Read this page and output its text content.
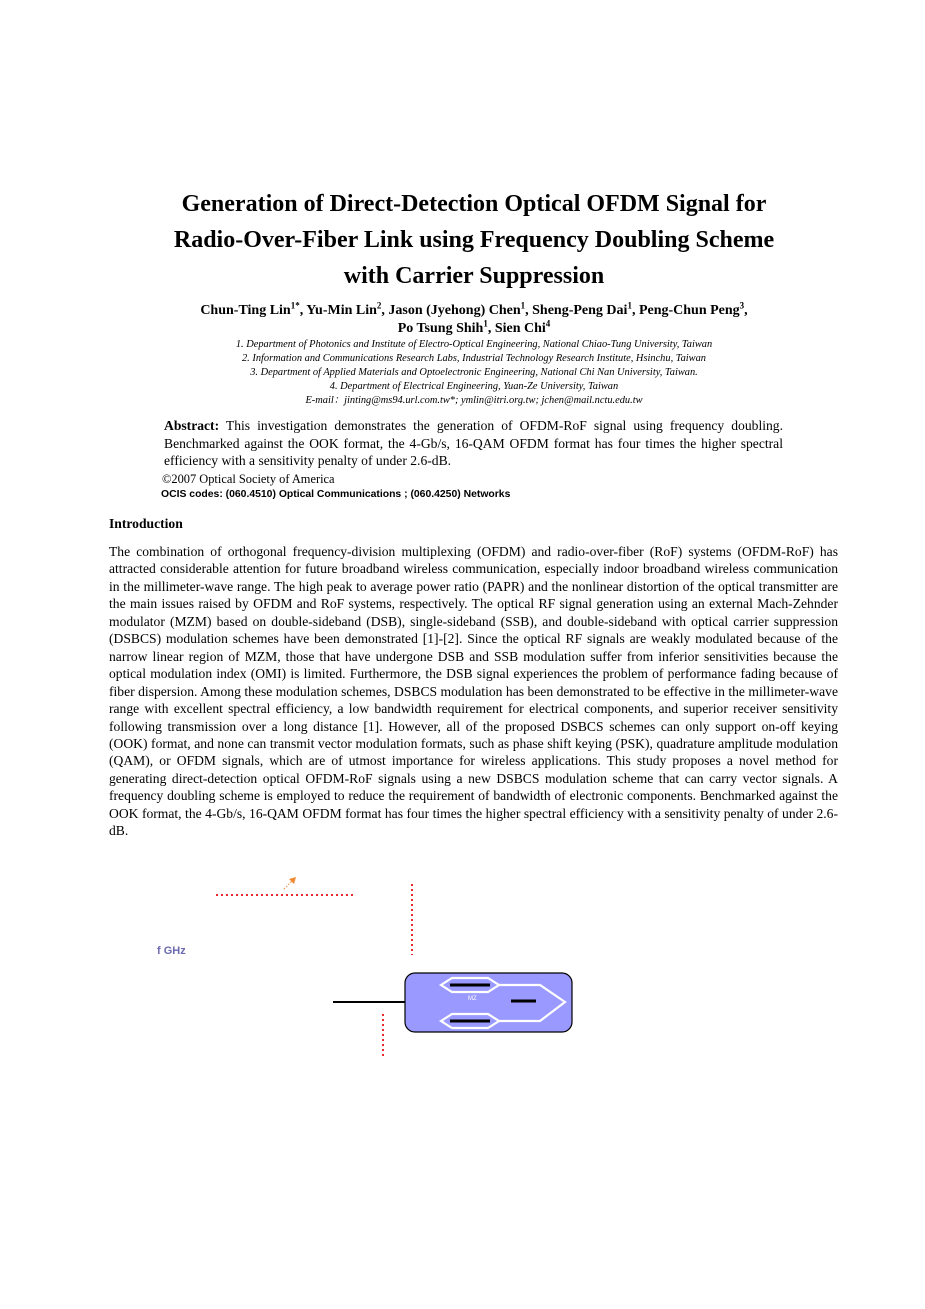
Generation of Direct-Detection Optical OFDM Signal for
Radio-Over-Fiber Link using Frequency Doubling Scheme
with Carrier Suppression
Chun-Ting Lin$^{1*}$, Yu-Min Lin$^2$, Jason (Jyehong) Chen$^1$, Sheng-Peng Dai$^1$, Peng-Chun Peng$^3$,
Po Tsung Shih$^1$, Sien Chi$^4$
1. Department of Photonics and Institute of Electro-Optical Engineering, National Chiao-Tung University, Taiwan
2. Information and Communications Research Labs, Industrial Technology Research Institute, Hsinchu, Taiwan
3. Department of Applied Materials and Optoelectronic Engineering, National Chi Nan University, Taiwan.
4. Department of Electrical Engineering, Yuan-Ze University, Taiwan
E-mail：jinting@ms94.url.com.tw*; ymlin@itri.org.tw; jchen@mail.nctu.edu.tw
Abstract: This investigation demonstrates the generation of OFDM-RoF signal using frequency doubling. Benchmarked against the OOK format, the 4-Gb/s, 16-QAM OFDM format has four times the higher spectral efficiency with a sensitivity penalty of under 2.6-dB.
©2007 Optical Society of America
OCIS codes: (060.4510) Optical Communications ; (060.4250) Networks
Introduction

The combination of orthogonal frequency-division multiplexing (OFDM) and radio-over-fiber (RoF) systems (OFDM-RoF) has attracted considerable attention for future broadband wireless communication, especially indoor broadband wireless communication in the millimeter-wave range. The high peak to average power ratio (PAPR) and the nonlinear distortion of the optical transmitter are the main issues raised by OFDM and RoF systems, respectively. The optical RF signal generation using an external Mach-Zehnder modulator (MZM) based on double-sideband (DSB), single-sideband (SSB), and double-sideband with optical carrier suppression (DSBCS) modulation schemes have been demonstrated [1]-[2]. Since the optical RF signals are weakly modulated because of the narrow linear region of MZM, those that have undergone DSB and SSB modulation suffer from inferior sensitivities because the optical modulation index (OMI) is limited. Furthermore, the DSB signal experiences the problem of performance fading because of fiber dispersion. Among these modulation schemes, DSBCS modulation has been demonstrated to be effective in the millimeter-wave range with excellent spectral efficiency, a low bandwidth requirement for electrical components, and superior receiver sensitivity following transmission over a long distance [1]. However, all of the proposed DSBCS schemes can only support on-off keying (OOK) format, and none can transmit vector modulation formats, such as phase shift keying (PSK), quadrature amplitude modulation (QAM), or OFDM signals, which are of utmost importance for wireless applications. This study proposes a novel method for generating direct-detection optical OFDM-RoF signals using a new DSBCS modulation scheme that can carry vector signals. A frequency doubling scheme is employed to reduce the requirement of bandwidth of electronic components. Benchmarked against the OOK format, the 4-Gb/s, 16-QAM OFDM format has four times the higher spectral efficiency with a sensitivity penalty of under 2.6-dB.

f GHz
MZ
